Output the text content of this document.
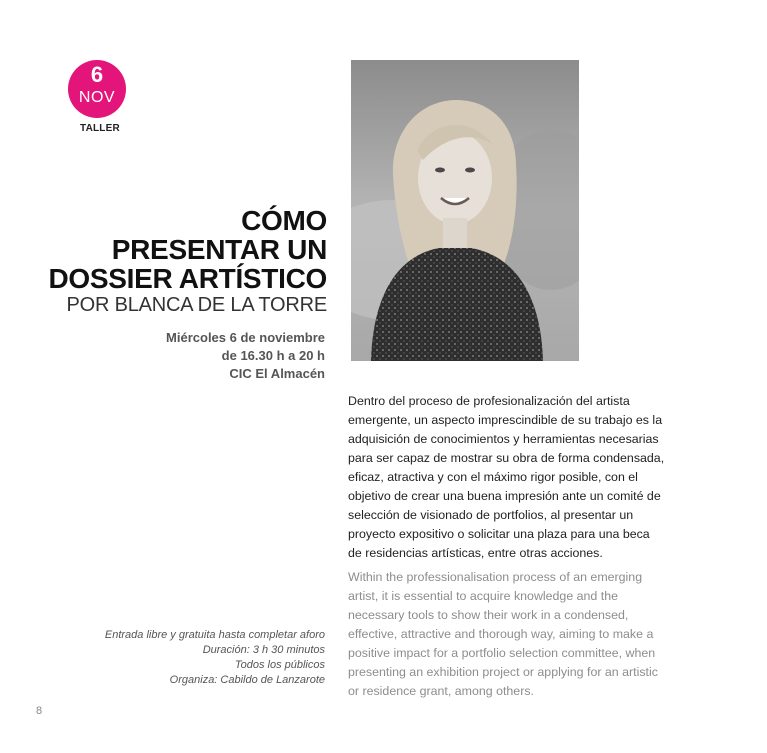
6
NOV
TALLER
CÓMO
PRESENTAR UN
DOSSIER ARTÍSTICO
POR BLANCA DE LA TORRE
Miércoles 6 de noviembre
de 16.30 h a 20 h
CIC El Almacén

Dentro del proceso de profesionalización del artista emergente, un aspecto imprescindible de su trabajo es la adquisición de conocimientos y herramientas necesarias para ser capaz de mostrar su obra de forma condensada, eficaz, atractiva y con el máximo rigor posible, con el objetivo de crear una buena impresión ante un comité de selección de visionado de portfolios, al presentar un proyecto expositivo o solicitar una plaza para una beca de residencias artísticas, entre otras acciones.

Within the professionalisation process of an emerging artist, it is essential to acquire knowledge and the necessary tools to show their work in a condensed, effective, attractive and thorough way, aiming to make a positive impact for a portfolio selection committee, when presenting an exhibition project or applying for an artistic or residence grant, among others.

Entrada libre y gratuita hasta completar aforo
Duración: 3 h 30 minutos
Todos los públicos
Organiza: Cabildo de Lanzarote
8
